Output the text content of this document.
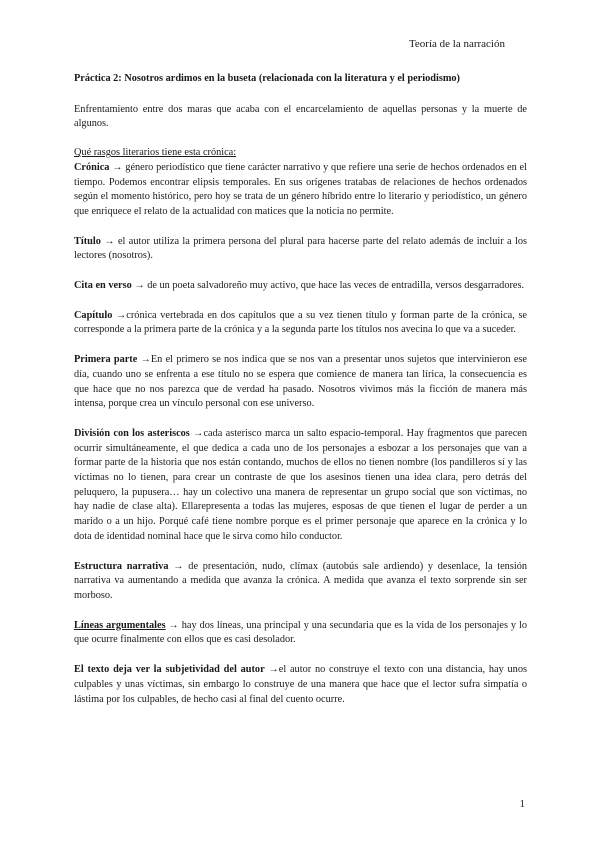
Teoría de la narración

Práctica 2: Nosotros ardimos en la buseta (relacionada con la literatura y el periodismo)

Enfrentamiento entre dos maras que acaba con el encarcelamiento de aquellas personas y la muerte de algunos.

Qué rasgos literarios tiene esta crónica:

Crónica → género periodístico que tiene carácter narrativo y que refiere una serie de hechos ordenados en el tiempo. Podemos encontrar elipsis temporales. En sus orígenes tratabas de relaciones de hechos ordenados según el momento histórico, pero hoy se trata de un género híbrido entre lo literario y periodístico, un género que enriquece el relato de la actualidad con matices que la noticia no permite.

Título → el autor utiliza la primera persona del plural para hacerse parte del relato además de incluir a los lectores (nosotros).

Cita en verso → de un poeta salvadoreño muy activo, que hace las veces de entradilla, versos desgarradores.

Capítulo →crónica vertebrada en dos capítulos que a su vez tienen título y forman parte de la crónica, se corresponde a la primera parte de la crónica y a la segunda parte los títulos nos avecina lo que va a suceder.

Primera parte →En el primero se nos indica que se nos van a presentar unos sujetos que intervinieron ese día, cuando uno se enfrenta a ese título no se espera que comience de manera tan lírica, la consecuencia es que hace que no nos parezca que de verdad ha pasado. Nosotros vivimos más la ficción de manera más intensa, porque crea un vínculo personal con ese universo.

División con los asteriscos →cada asterisco marca un salto espacio-temporal. Hay fragmentos que parecen ocurrir simultáneamente, el que dedica a cada uno de los personajes a esbozar a los personajes que van a formar parte de la historia que nos están contando, muchos de ellos no tienen nombre (los pandilleros sí y las víctimas no lo tienen, para crear un contraste de que los asesinos tienen una idea clara, pero detrás del peluquero, la pupusera… hay un colectivo una manera de representar un grupo social que son víctimas, no hay nadie de clase alta). Ellarepresenta a todas las mujeres, esposas de que tienen el lugar de perder a un marido o a un hijo. Porqué café tiene nombre porque es el primer personaje que aparece en la crónica y lo dota de identidad nominal hace que le sirva como hilo conductor.

Estructura narrativa → de presentación, nudo, clímax (autobús sale ardiendo) y desenlace, la tensión narrativa va aumentando a medida que avanza la crónica. A medida que avanza el texto sorprende sin ser morboso.

Líneas argumentales → hay dos líneas, una principal y una secundaria que es la vida de los personajes y lo que ocurre finalmente con ellos que es casi desolador.

El texto deja ver la subjetividad del autor →el autor no construye el texto con una distancia, hay unos culpables y unas víctimas, sin embargo lo construye de una manera que hace que el lector sufra simpatía o lástima por los culpables, de hecho casi al final del cuento ocurre.

1
